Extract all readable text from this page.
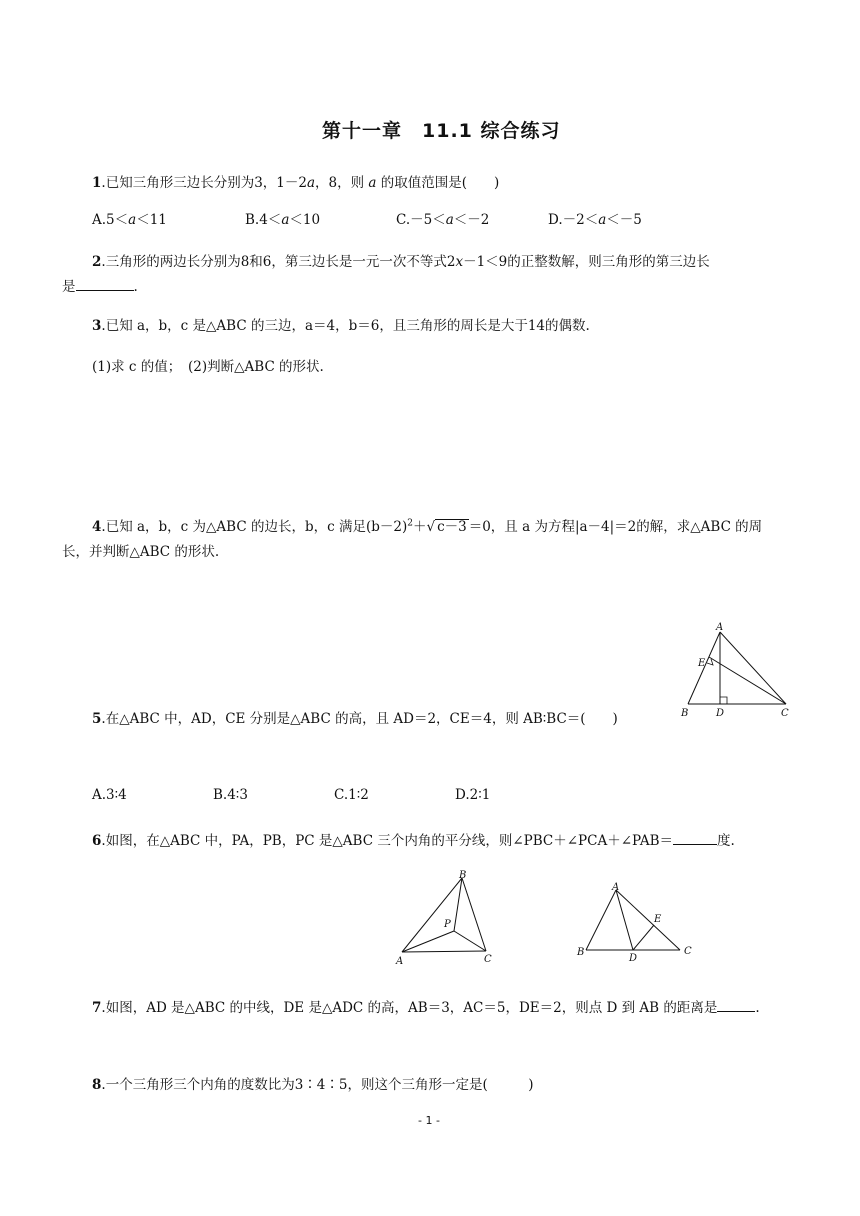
第十一章　11.1 综合练习
1.已知三角形三边长分别为3，1－2a，8，则 a 的取值范围是(　　)
A.5＜a＜11	B.4＜a＜10	C.－5＜a＜－2	D.－2＜a＜－5
2.三角形的两边长分别为8和6，第三边长是一元一次不等式2x－1＜9的正整数解，则三角形的第三边长
是	.
3.已知 a，b，c 是△ABC 的三边，a＝4，b＝6，且三角形的周长是大于14的偶数.
(1)求 c 的值；　(2)判断△ABC 的形状.
4.已知 a，b，c 为△ABC 的边长，b，c 满足$(b-2)^2+√$ c－3 ＝0，且 a 为方程|a－4|＝2的解，求△ABC 的周
长，并判断△ABC 的形状.
A
B	C
D
E
5.在△ABC 中，AD，CE 分别是△ABC 的高，且 AD＝2，CE＝4，则 AB∶BC＝(　　)
A.3∶4	B.4∶3	C.1∶2	D.2∶1
6.如图，在△ABC 中，PA，PB，PC 是△ABC 三个内角的平分线，则∠PBC＋∠PCA＋∠PAB＝	度.
B
P
A	C
A
E
B
D
C
7.如图，AD 是△ABC 的中线，DE 是△ADC 的高，AB＝3，AC＝5，DE＝2，则点 D 到 AB 的距离是	.
8.一个三角形三个内角的度数比为3∶4∶5，则这个三角形一定是(　　　)
- 1 -
